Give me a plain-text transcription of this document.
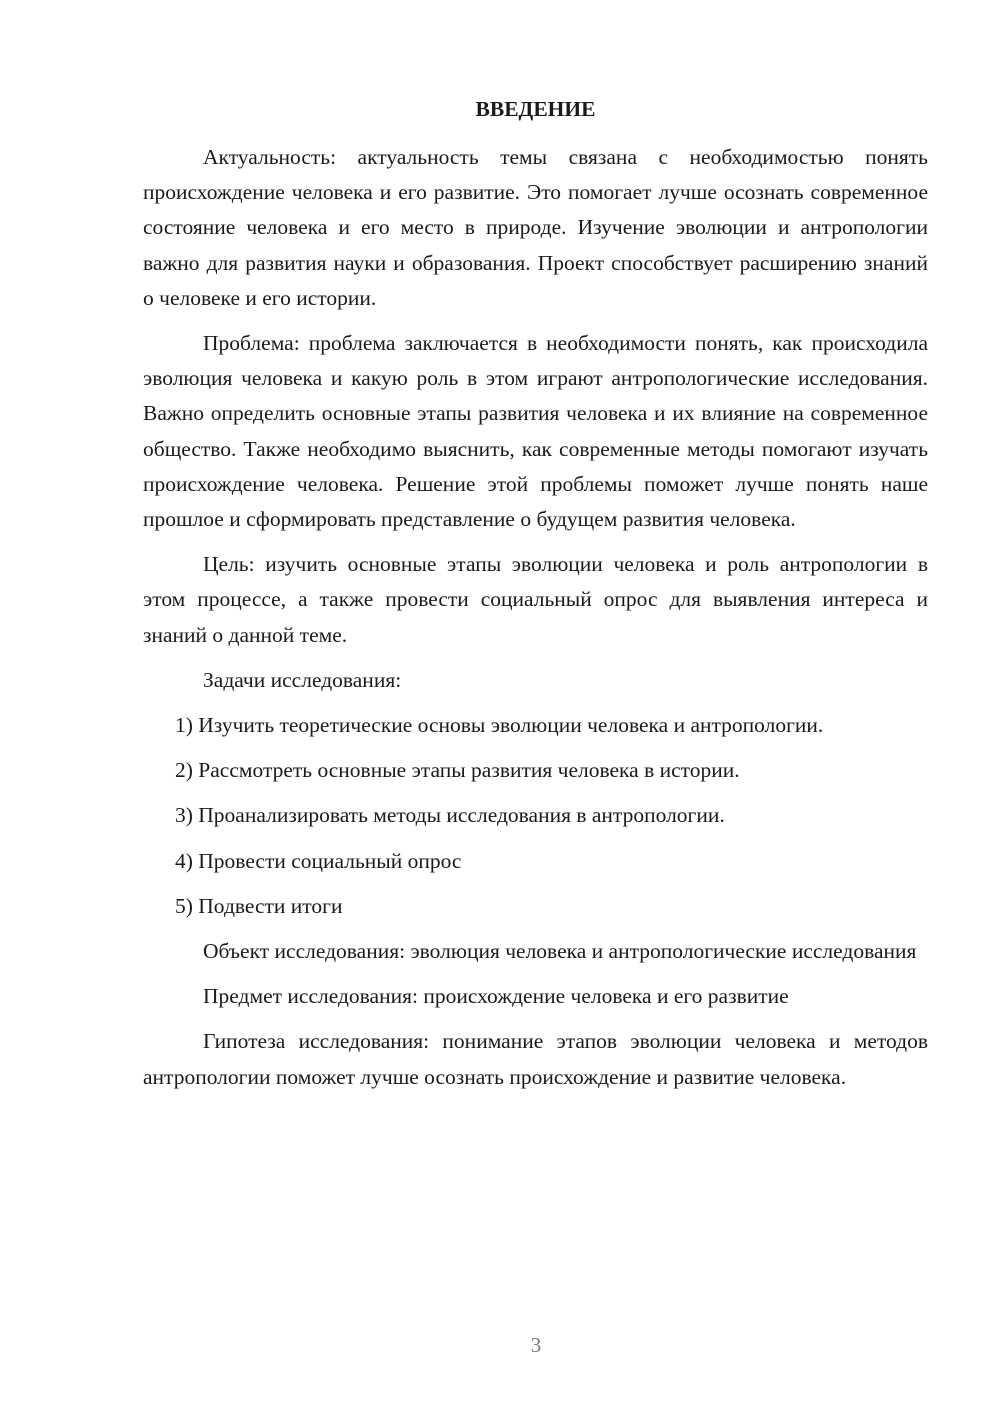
ВВЕДЕНИЕ

Актуальность: актуальность темы связана с необходимостью понять происхождение человека и его развитие. Это помогает лучше осознать современное состояние человека и его место в природе. Изучение эволюции и антропологии важно для развития науки и образования. Проект способствует расширению знаний о человеке и его истории.

Проблема: проблема заключается в необходимости понять, как происходила эволюция человека и какую роль в этом играют антропологические исследования. Важно определить основные этапы развития человека и их влияние на современное общество. Также необходимо выяснить, как современные методы помогают изучать происхождение человека. Решение этой проблемы поможет лучше понять наше прошлое и сформировать представление о будущем развития человека.

Цель: изучить основные этапы эволюции человека и роль антропологии в этом процессе, а также провести социальный опрос для выявления интереса и знаний о данной теме.

Задачи исследования:

1) Изучить теоретические основы эволюции человека и антропологии.
2) Рассмотреть основные этапы развития человека в истории.
3) Проанализировать методы исследования в антропологии.
4) Провести социальный опрос
5) Подвести итоги

Объект исследования: эволюция человека и антропологические исследования

Предмет исследования: происхождение человека и его развитие

Гипотеза исследования: понимание этапов эволюции человека и методов антропологии поможет лучше осознать происхождение и развитие человека.

3
